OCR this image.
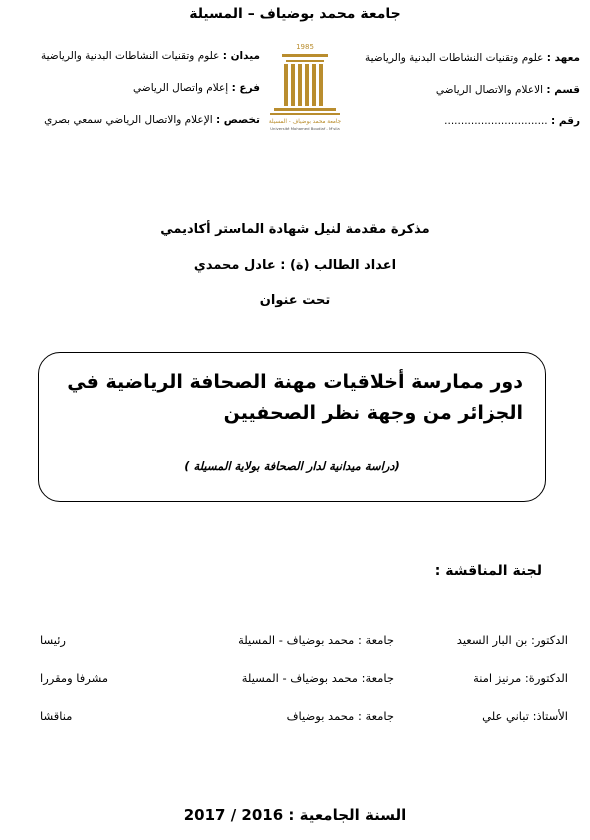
جامعة محمد بوضياف – المسيلة
معهد : علوم وتقنيات النشاطات البدنية والرياضية
قسم : الاعلام والاتصال الرياضي
رقم : ...............................
ميدان : علوم وتقنيات النشاطات البدنية والرياضية
فرع : إعلام واتصال الرياضي
تخصص : الإعلام والاتصال الرياضي سمعي بصري
1985
جامعة محمد بوضياف - المسيلة
Université Mohamed Boudiaf - M'sila
مذكرة مقدمة لنيل شهادة الماستر أكاديمي
اعداد الطالب (ة) : عادل محمدي
تحت عنوان
دور ممارسة أخلاقيات مهنة الصحافة الرياضية في الجزائر من وجهة نظر الصحفيين
(دراسة ميدانية لدار الصحافة بولاية المسيلة )
لجنة المناقشة :
الدكتور: بن البار السعيد
جامعة : محمد بوضياف - المسيلة
رئيسا
الدكتورة: مرنيز امنة
جامعة: محمد بوضياف - المسيلة
مشرفا ومقررا
الأستاذ: تباني علي
جامعة : محمد بوضياف
مناقشا
السنة الجامعية : 2016 / 2017
